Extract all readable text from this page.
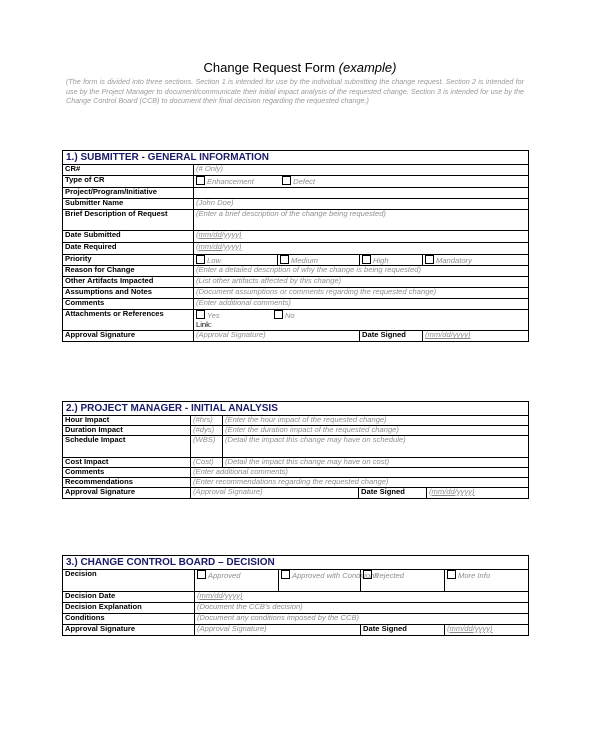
Change Request Form (example)
(The form is divided into three sections. Section 1 is intended for use by the individual submitting the change request. Section 2 is intended for use by the Project Manager to document/communicate their initial impact analysis of the requested change. Section 3 is intended for use by the Change Control Board (CCB) to document their final decision regarding the requested change.)
1.) SUBMITTER - GENERAL INFORMATION				
CR#	(# Only)			
Type of CR	Enhancement Defect			
Project/Program/Initiative				
Submitter Name	(John Doe)			
Brief Description of Request	(Enter a brief description of the change being requested)			
Date Submitted	(mm/dd/yyyy)			
Date Required	(mm/dd/yyyy)			
Priority	Low	Medium	High	Mandatory
Reason for Change	(Enter a detailed description of why the change is being requested)			
Other Artifacts Impacted	(List other artifacts affected by this change)			
Assumptions and Notes	(Document assumptions or comments regarding the requested change)			
Comments	(Enter additional comments)			
Attachments or References	Yes No
Link:			
Approval Signature	(Approval Signature)		Date Signed	(mm/dd/yyyy)
2.) PROJECT MANAGER - INITIAL ANALYSIS				
Hour Impact	(#hrs)	(Enter the hour impact of the requested change)		
Duration Impact	(#dys)	(Enter the duration impact of the requested change)		
Schedule Impact	(WBS)	(Detail the impact this change may have on schedule)		
Cost Impact	(Cost)	(Detail the impact this change may have on cost)		
Comments	(Enter additional comments)			
Recommendations	(Enter recommendations regarding the requested change)			
Approval Signature	(Approval Signature)		Date Signed	(mm/dd/yyyy)
3.) CHANGE CONTROL BOARD – DECISION				
Decision	Approved	Approved with Conditions	Rejected	More Info
Decision Date	(mm/dd/yyyy)			
Decision Explanation	(Document the CCB's decision)			
Conditions	(Document any conditions imposed by the CCB)			
Approval Signature	(Approval Signature)		Date Signed	(mm/dd/yyyy)
